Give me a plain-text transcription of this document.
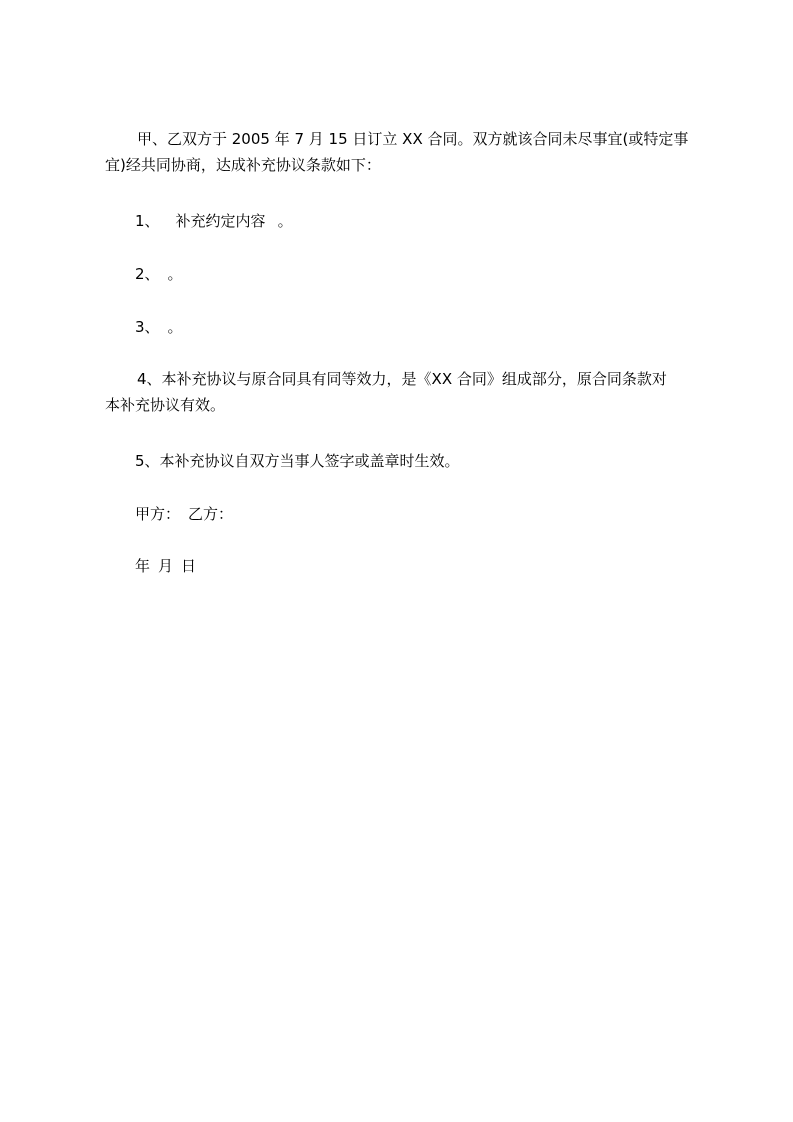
甲、乙双方于 2005 年 7 月 15 日订立 XX 合同。双方就该合同未尽事宜(或特定事
宜)经共同协商，达成补充协议条款如下：
1、 补充约定内容 。
2、 。
3、 。
4、本补充协议与原合同具有同等效力，是《XX 合同》组成部分，原合同条款对
本补充协议有效。
5、本补充协议自双方当事人签字或盖章时生效。
甲方： 乙方：
年 月 日
